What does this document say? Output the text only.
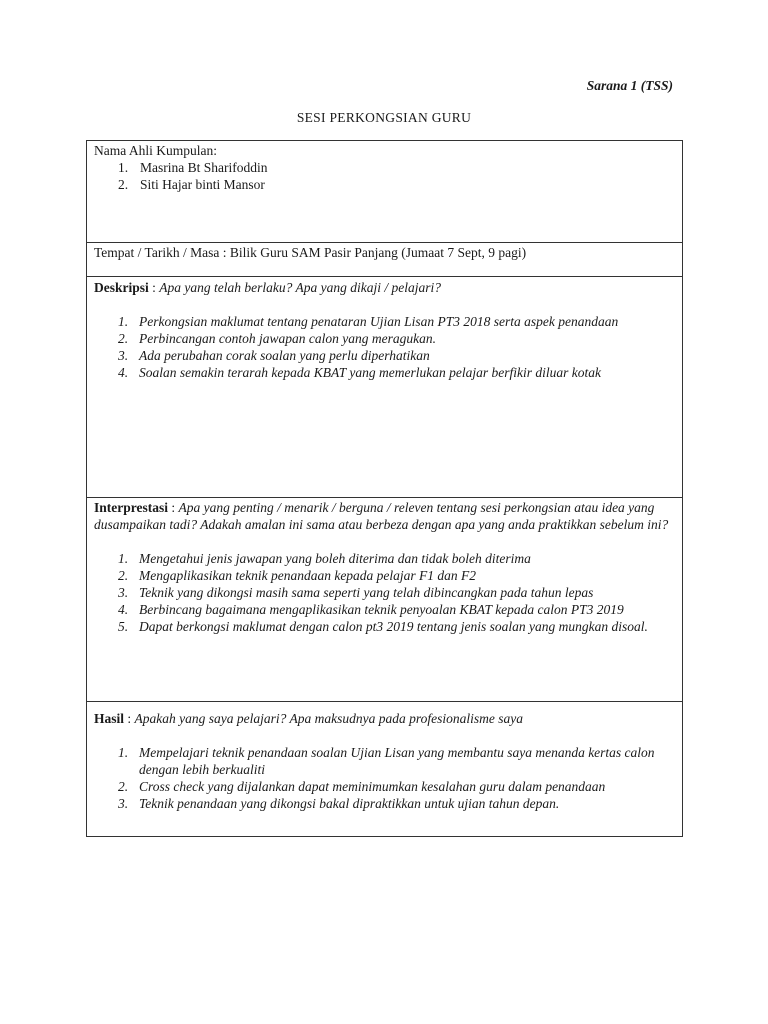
Sarana 1 (TSS)
SESI PERKONGSIAN GURU
Nama Ahli Kumpulan:
1. Masrina Bt Sharifoddin
2. Siti Hajar binti Mansor
Tempat / Tarikh / Masa : Bilik Guru SAM Pasir Panjang (Jumaat 7 Sept, 9 pagi)
Deskripsi : Apa yang telah berlaku? Apa yang dikaji / pelajari?
1. Perkongsian maklumat tentang penataran Ujian Lisan PT3 2018 serta aspek penandaan
2. Perbincangan contoh jawapan calon yang meragukan.
3. Ada perubahan corak soalan yang perlu diperhatikan
4. Soalan semakin terarah kepada KBAT yang memerlukan pelajar berfikir diluar kotak
Interprestasi : Apa yang penting / menarik / berguna / releven tentang sesi perkongsian atau idea yang dusampaikan tadi? Adakah amalan ini sama atau berbeza dengan apa yang anda praktikkan sebelum ini?
1. Mengetahui jenis jawapan yang boleh diterima dan tidak boleh diterima
2. Mengaplikasikan teknik penandaan kepada pelajar F1 dan F2
3. Teknik yang dikongsi masih sama seperti yang telah dibincangkan pada tahun lepas
4. Berbincang bagaimana mengaplikasikan teknik penyoalan KBAT kepada calon PT3 2019
5. Dapat berkongsi maklumat dengan calon pt3 2019 tentang jenis soalan yang mungkan disoal.
Hasil : Apakah yang saya pelajari? Apa maksudnya pada profesionalisme saya
1. Mempelajari teknik penandaan soalan Ujian Lisan yang membantu saya menanda kertas calon dengan lebih berkualiti
2. Cross check yang dijalankan dapat meminimumkan kesalahan guru dalam penandaan
3. Teknik penandaan yang dikongsi bakal dipraktikkan untuk ujian tahun depan.
